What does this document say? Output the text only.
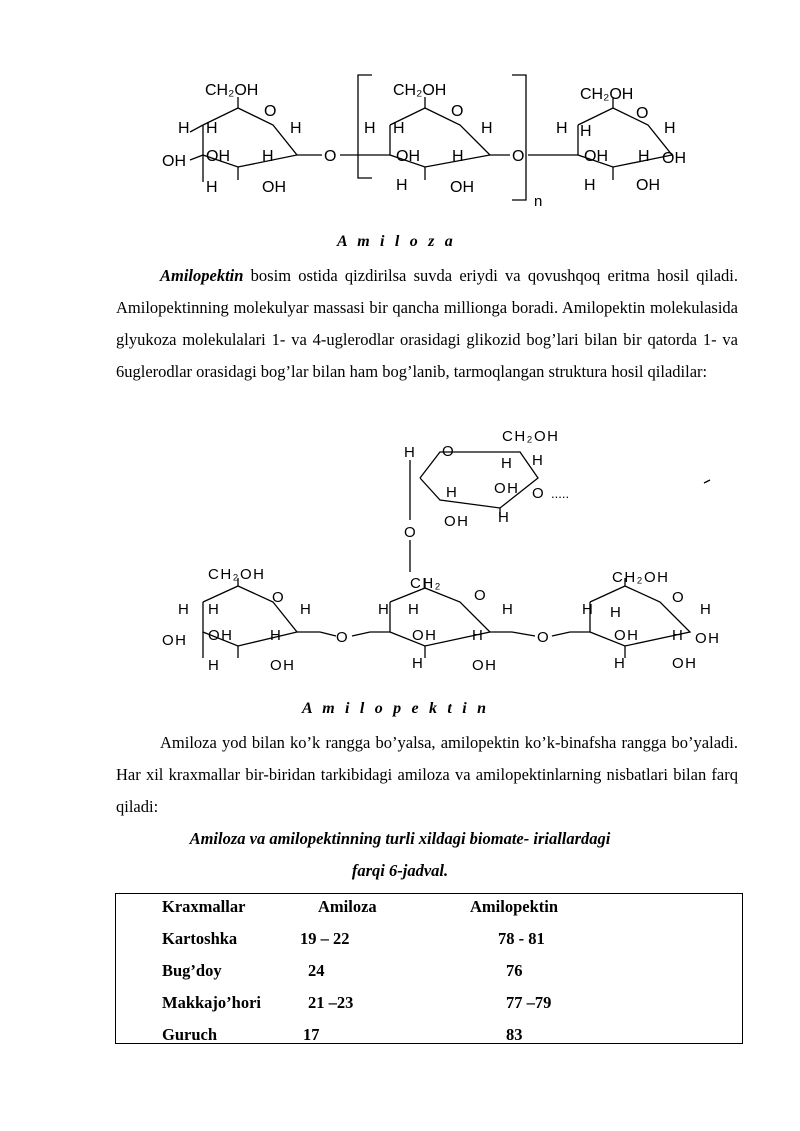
CH₂OH
O
H H	H
OH OH H
H	OH
O
CH₂OH
O
H H	H
OH H
H	OH
O
n
CH₂OH
O
H H	H
OH H OH
H	OH
A m i l o z a

Amilopektin bosim ostida qizdirilsa suvda eriydi va qovushqoq eritma hosil qiladi. Amilopektinning molekulyar massasi bir qancha millionga boradi. Amilopektin molekulasida glyukoza molekulalari 1- va 4-uglerodlar orasidagi glikozid bog’lari bilan bir qatorda 1- va 6uglerodlar orasidagi bog’lar bilan ham bog’lanib, tarmoqlangan struktura hosil qiladilar:

H O
CH₂OH
H H
OH
H	O .....
OH H
O
CH₂OH
O
H H	H
OH OH H
H	OH
O
CH₂
O
H H	H
OH H
H	OH
O
CH₂OH
O
H H	H
OH H OH
H	OH
A m i l o p e k t i n

Amiloza yod bilan ko’k rangga bo’yalsa, amilopektin ko’k-binafsha rangga bo’yaladi. Har xil kraxmallar bir-biridan tarkibidagi amiloza va amilopektinlarning nisbatlari bilan farq qiladi:

Amiloza va amilopektinning turli xildagi biomate- iriallardagi
farqi 6-jadval.
Kraxmallar	Amiloza	Amilopektin
Kartoshka	19 – 22	78 - 81
Bug’doy	24	76
Makkajo’hori	21 –23	77 –79
Guruch	17	83
